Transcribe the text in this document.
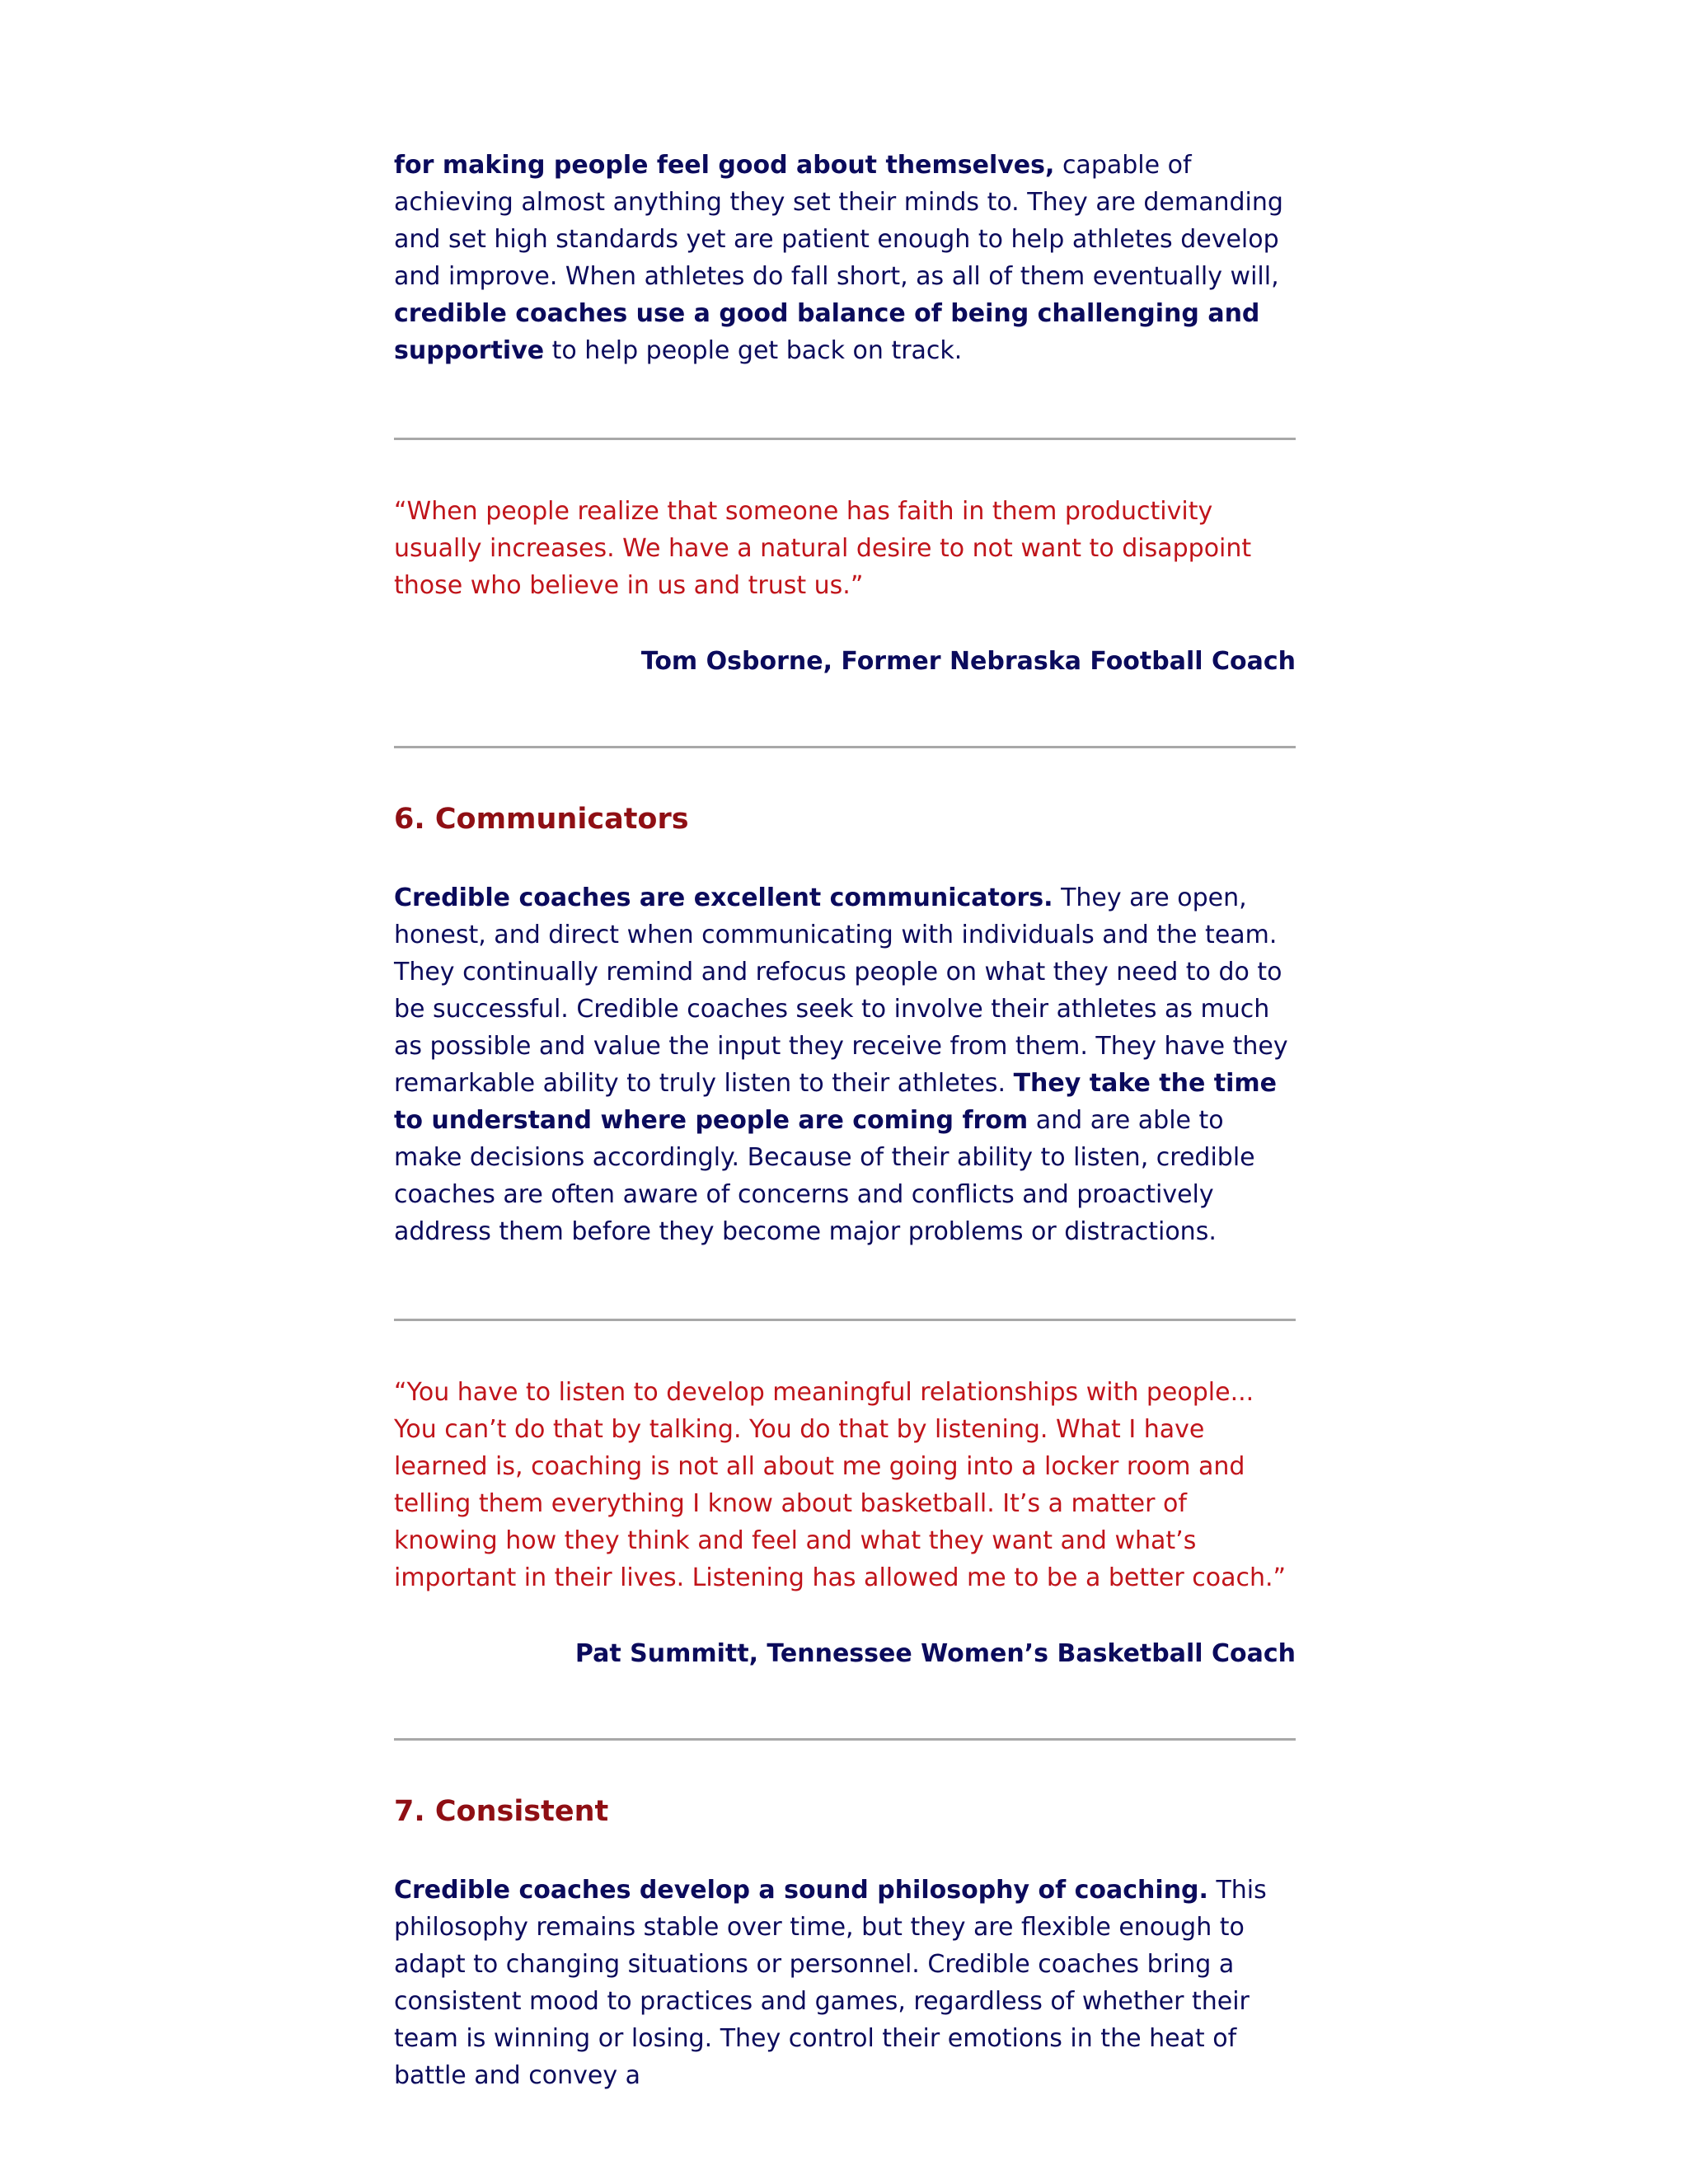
for making people feel good about themselves, capable of achieving almost anything they set their minds to. They are demanding and set high standards yet are patient enough to help athletes develop and improve. When athletes do fall short, as all of them eventually will, credible coaches use a good balance of being challenging and supportive to help people get back on track.

“When people realize that someone has faith in them productivity usually increases. We have a natural desire to not want to disappoint those who believe in us and trust us.”

Tom Osborne, Former Nebraska Football Coach

6. Communicators

Credible coaches are excellent communicators. They are open, honest, and direct when communicating with individuals and the team. They continually remind and refocus people on what they need to do to be successful. Credible coaches seek to involve their athletes as much as possible and value the input they receive from them. They have they remarkable ability to truly listen to their athletes. They take the time to understand where people are coming from and are able to make decisions accordingly. Because of their ability to listen, credible coaches are often aware of concerns and conflicts and proactively address them before they become major problems or distractions.

“You have to listen to develop meaningful relationships with people... You can’t do that by talking. You do that by listening. What I have learned is, coaching is not all about me going into a locker room and telling them everything I know about basketball. It’s a matter of knowing how they think and feel and what they want and what’s important in their lives. Listening has allowed me to be a better coach.”

Pat Summitt, Tennessee Women’s Basketball Coach

7. Consistent

Credible coaches develop a sound philosophy of coaching. This philosophy remains stable over time, but they are flexible enough to adapt to changing situations or personnel. Credible coaches bring a consistent mood to practices and games, regardless of whether their team is winning or losing. They control their emotions in the heat of battle and convey a
